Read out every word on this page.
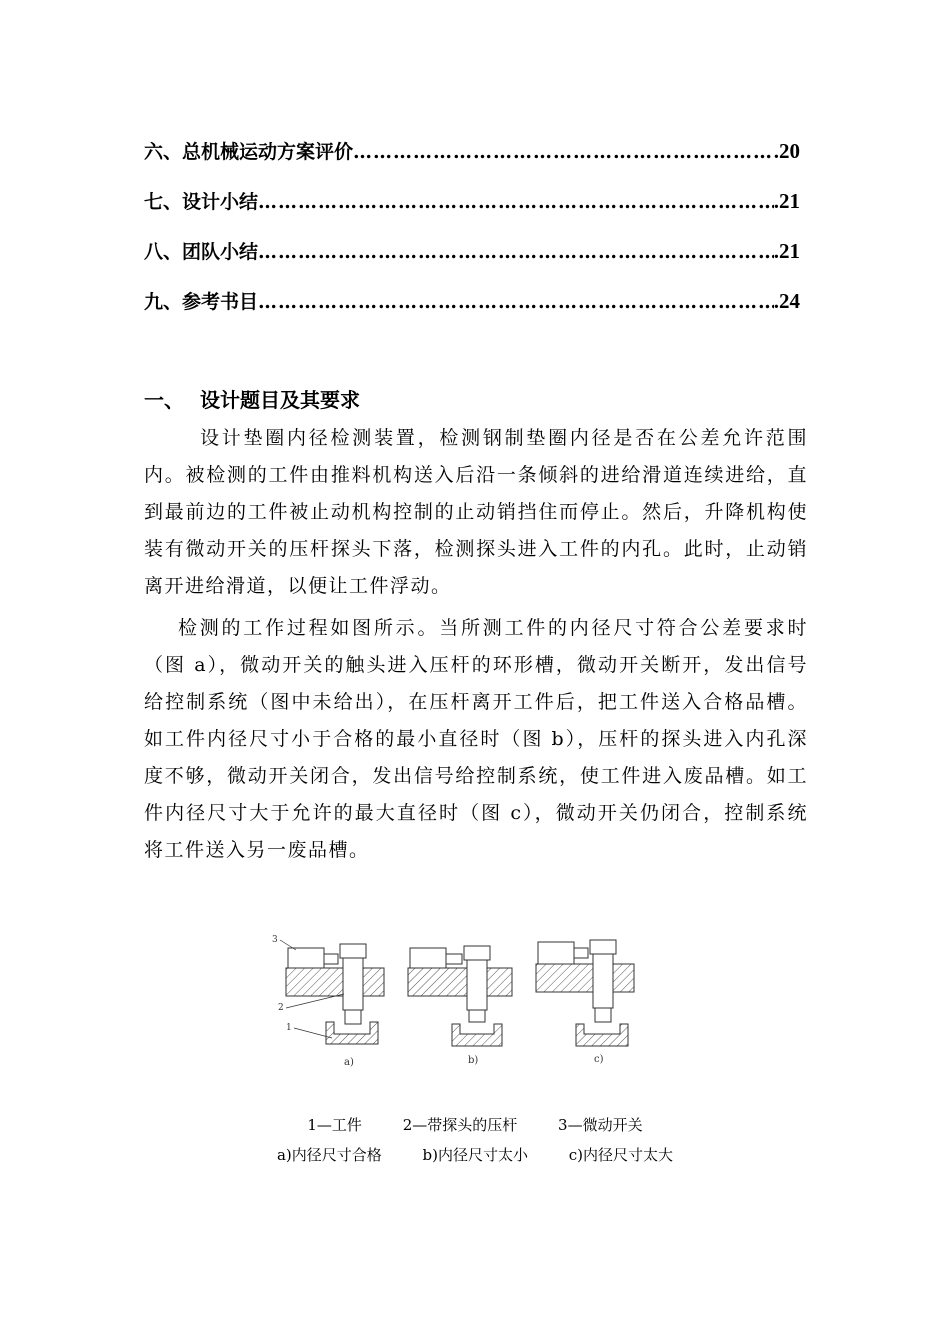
六、总机械运动方案评价 ………………………………………………………………………………………………………	.20
七、设计小结 ………………………………………………………………………………………………………	.21
八、团队小结 ………………………………………………………………………………………………………	.21
九、参考书目 ………………………………………………………………………………………………………	.24
一、 设计题目及其要求

设计垫圈内径检测装置，检测钢制垫圈内径是否在公差允许范围内。被检测的工件由推料机构送入后沿一条倾斜的进给滑道连续进给，直到最前边的工件被止动机构控制的止动销挡住而停止。然后，升降机构使装有微动开关的压杆探头下落，检测探头进入工件的内孔。此时，止动销离开进给滑道，以便让工件浮动。

检测的工作过程如图所示。当所测工件的内径尺寸符合公差要求时（图 a），微动开关的触头进入压杆的环形槽，微动开关断开，发出信号给控制系统（图中未给出），在压杆离开工件后，把工件送入合格品槽。如工件内径尺寸小于合格的最小直径时（图 b），压杆的探头进入内孔深度不够，微动开关闭合，发出信号给控制系统，使工件进入废品槽。如工件内径尺寸大于允许的最大直径时（图 c），微动开关仍闭合，控制系统将工件送入另一废品槽。

3
2
1
a)	b)	c)
1—工件	2—带探头的压杆	3—微动开关
a)内径尺寸合格	b)内径尺寸太小	c)内径尺寸太大
